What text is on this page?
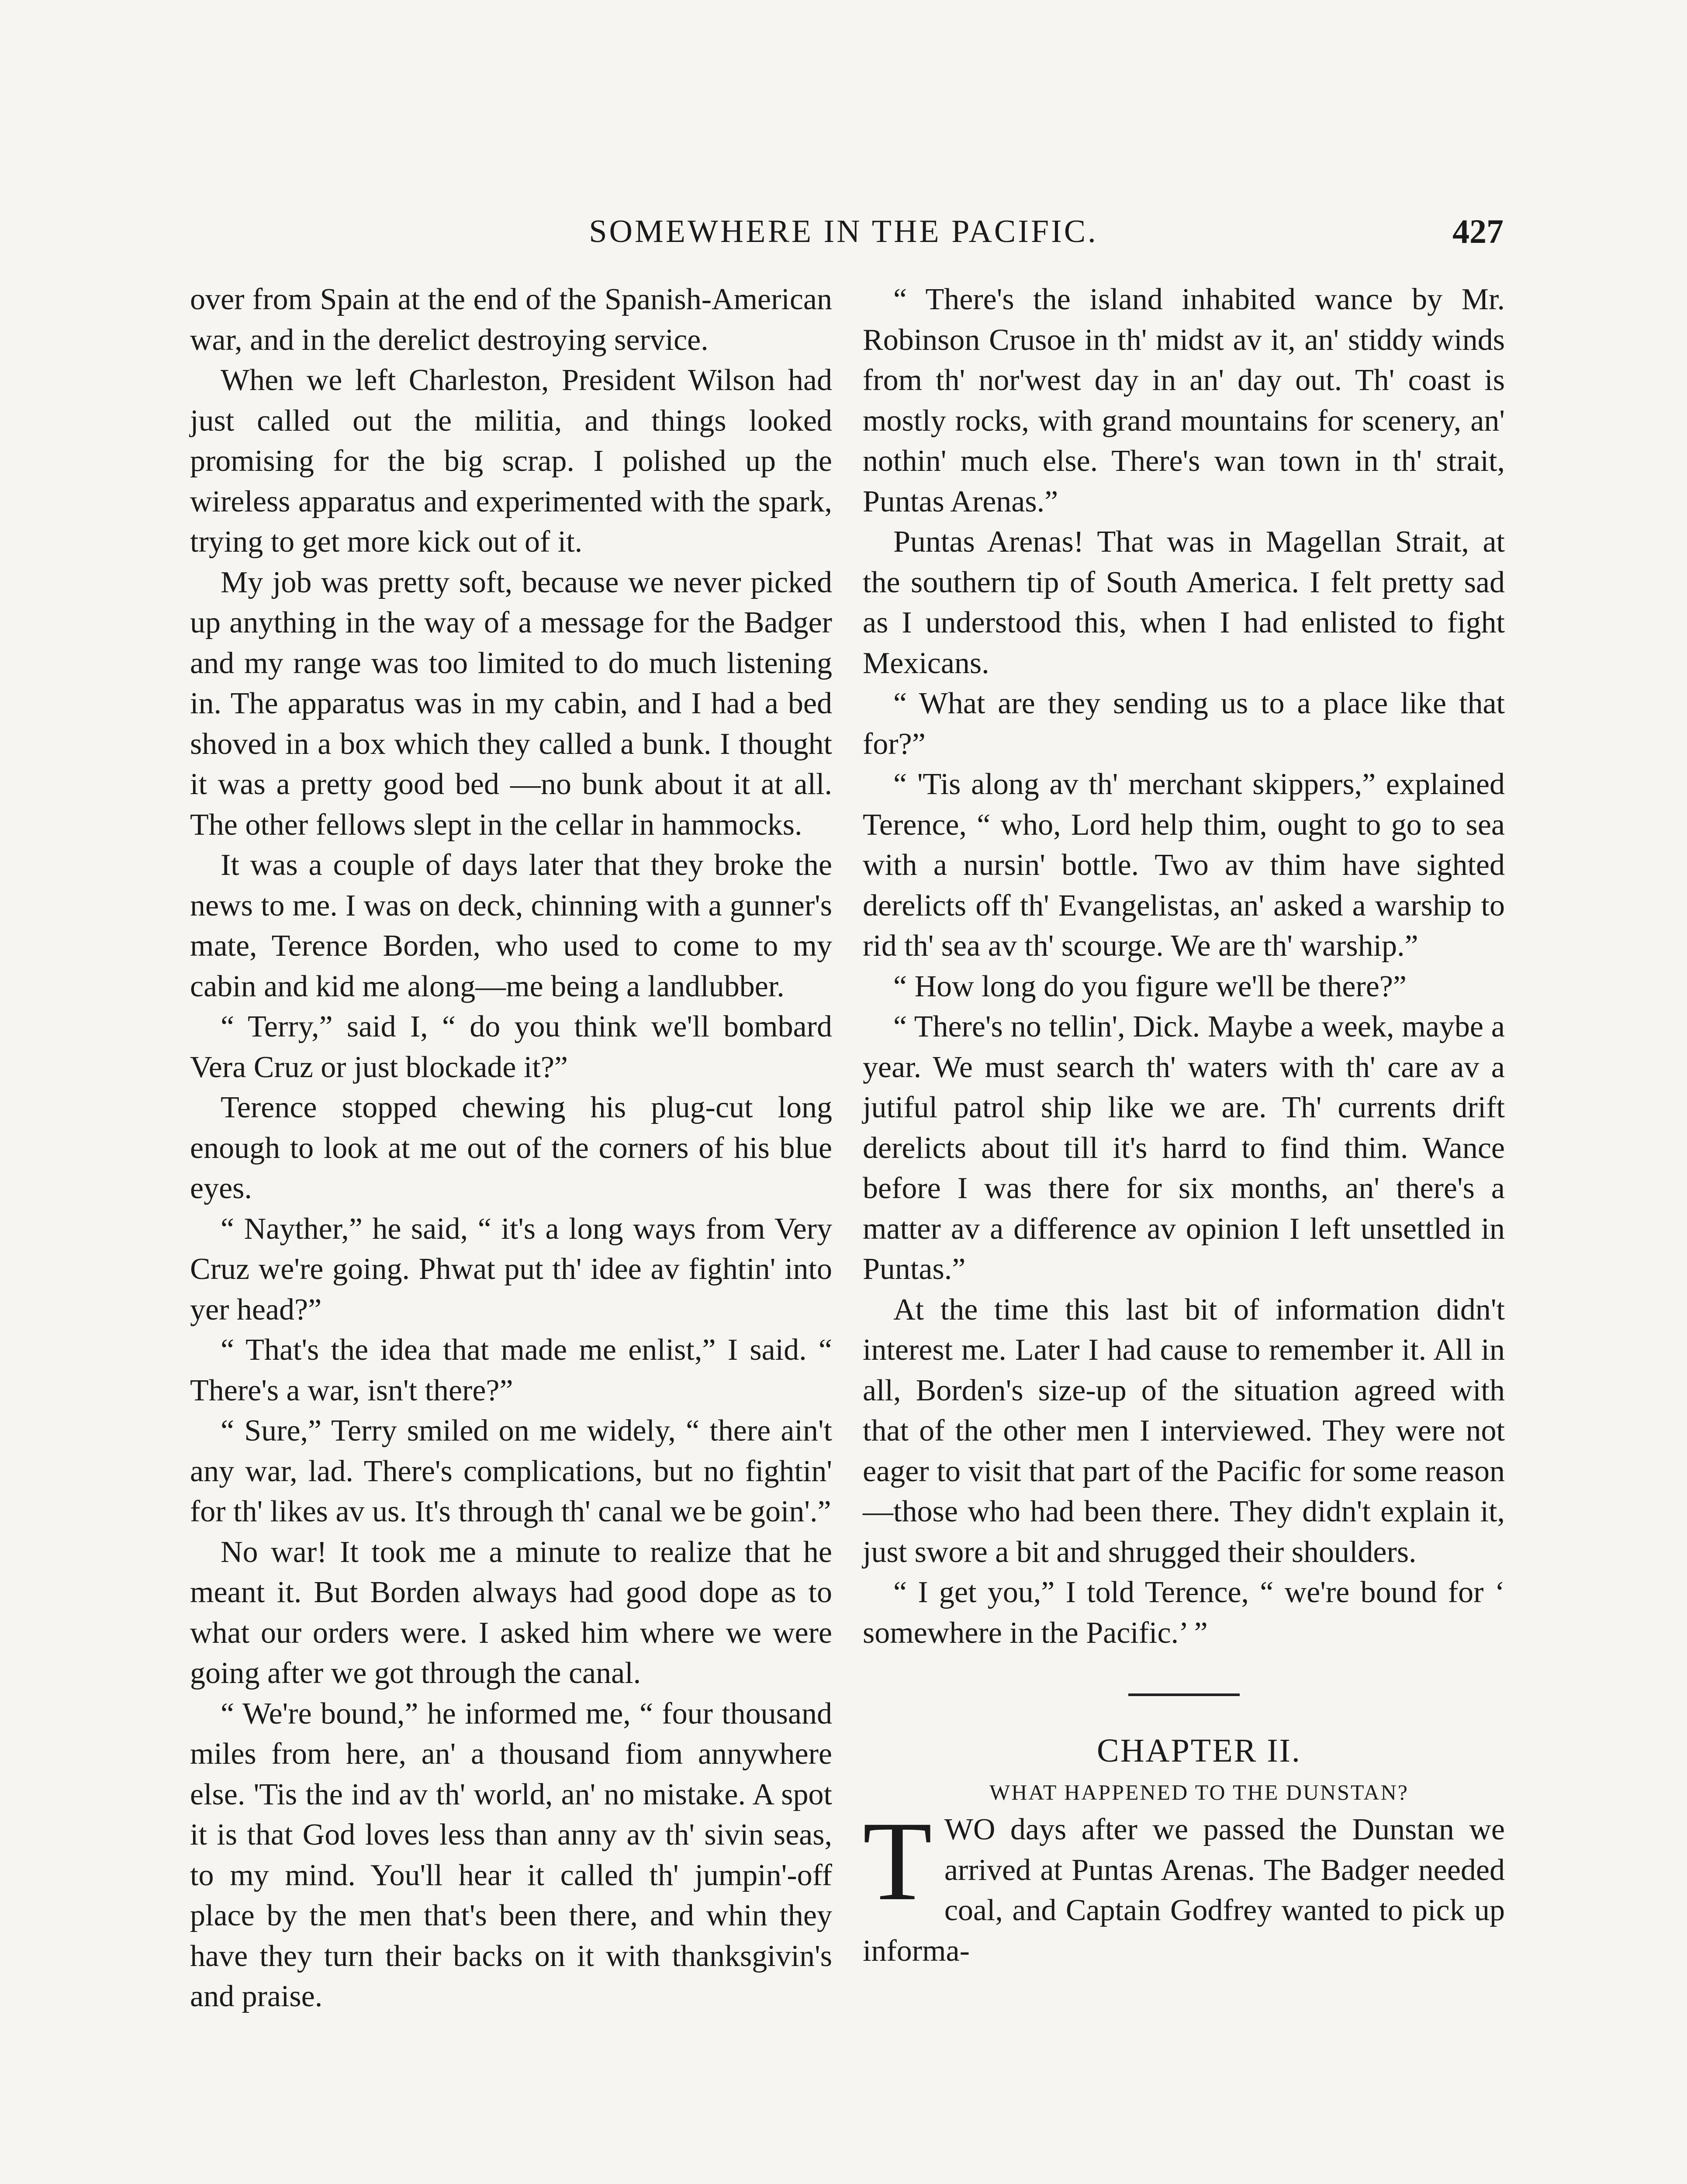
SOMEWHERE IN THE PACIFIC.	427

over from Spain at the end of the Spanish-American war, and in the derelict destroying service.

When we left Charleston, President Wilson had just called out the militia, and things looked promising for the big scrap. I polished up the wireless apparatus and experimented with the spark, trying to get more kick out of it.

My job was pretty soft, because we never picked up anything in the way of a message for the Badger and my range was too limited to do much listening in. The apparatus was in my cabin, and I had a bed shoved in a box which they called a bunk. I thought it was a pretty good bed —no bunk about it at all. The other fellows slept in the cellar in hammocks.

It was a couple of days later that they broke the news to me. I was on deck, chinning with a gunner's mate, Terence Borden, who used to come to my cabin and kid me along—me being a landlubber.

“ Terry,” said I, “ do you think we'll bombard Vera Cruz or just blockade it?”

Terence stopped chewing his plug-cut long enough to look at me out of the corners of his blue eyes.

“ Nayther,” he said, “ it's a long ways from Very Cruz we're going. Phwat put th' idee av fightin' into yer head?”

“ That's the idea that made me enlist,” I said. “ There's a war, isn't there?”

“ Sure,” Terry smiled on me widely, “ there ain't any war, lad. There's complications, but no fightin' for th' likes av us. It's through th' canal we be goin'.”

No war! It took me a minute to realize that he meant it. But Borden always had good dope as to what our orders were. I asked him where we were going after we got through the canal.

“ We're bound,” he informed me, “ four thousand miles from here, an' a thousand fiom annywhere else. 'Tis the ind av th' world, an' no mistake. A spot it is that God loves less than anny av th' sivin seas, to my mind. You'll hear it called th' jumpin'-off place by the men that's been there, and whin they have they turn their backs on it with thanksgivin's and praise.

“ There's the island inhabited wance by Mr. Robinson Crusoe in th' midst av it, an' stiddy winds from th' nor'west day in an' day out. Th' coast is mostly rocks, with grand mountains for scenery, an' nothin' much else. There's wan town in th' strait, Puntas Arenas.”

Puntas Arenas! That was in Magellan Strait, at the southern tip of South America. I felt pretty sad as I understood this, when I had enlisted to fight Mexicans.

“ What are they sending us to a place like that for?”

“ 'Tis along av th' merchant skippers,” explained Terence, “ who, Lord help thim, ought to go to sea with a nursin' bottle. Two av thim have sighted derelicts off th' Evangelistas, an' asked a warship to rid th' sea av th' scourge. We are th' warship.”

“ How long do you figure we'll be there?”

“ There's no tellin', Dick. Maybe a week, maybe a year. We must search th' waters with th' care av a jutiful patrol ship like we are. Th' currents drift derelicts about till it's harrd to find thim. Wance before I was there for six months, an' there's a matter av a difference av opinion I left unsettled in Puntas.”

At the time this last bit of information didn't interest me. Later I had cause to remember it. All in all, Borden's size-up of the situation agreed with that of the other men I interviewed. They were not eager to visit that part of the Pacific for some reason—those who had been there. They didn't explain it, just swore a bit and shrugged their shoulders.

“ I get you,” I told Terence, “ we're bound for ‘ somewhere in the Pacific.’ ”

CHAPTER II.

WHAT HAPPENED TO THE DUNSTAN?

TWO days after we passed the Dunstan we arrived at Puntas Arenas. The Badger needed coal, and Captain Godfrey wanted to pick up informa-
